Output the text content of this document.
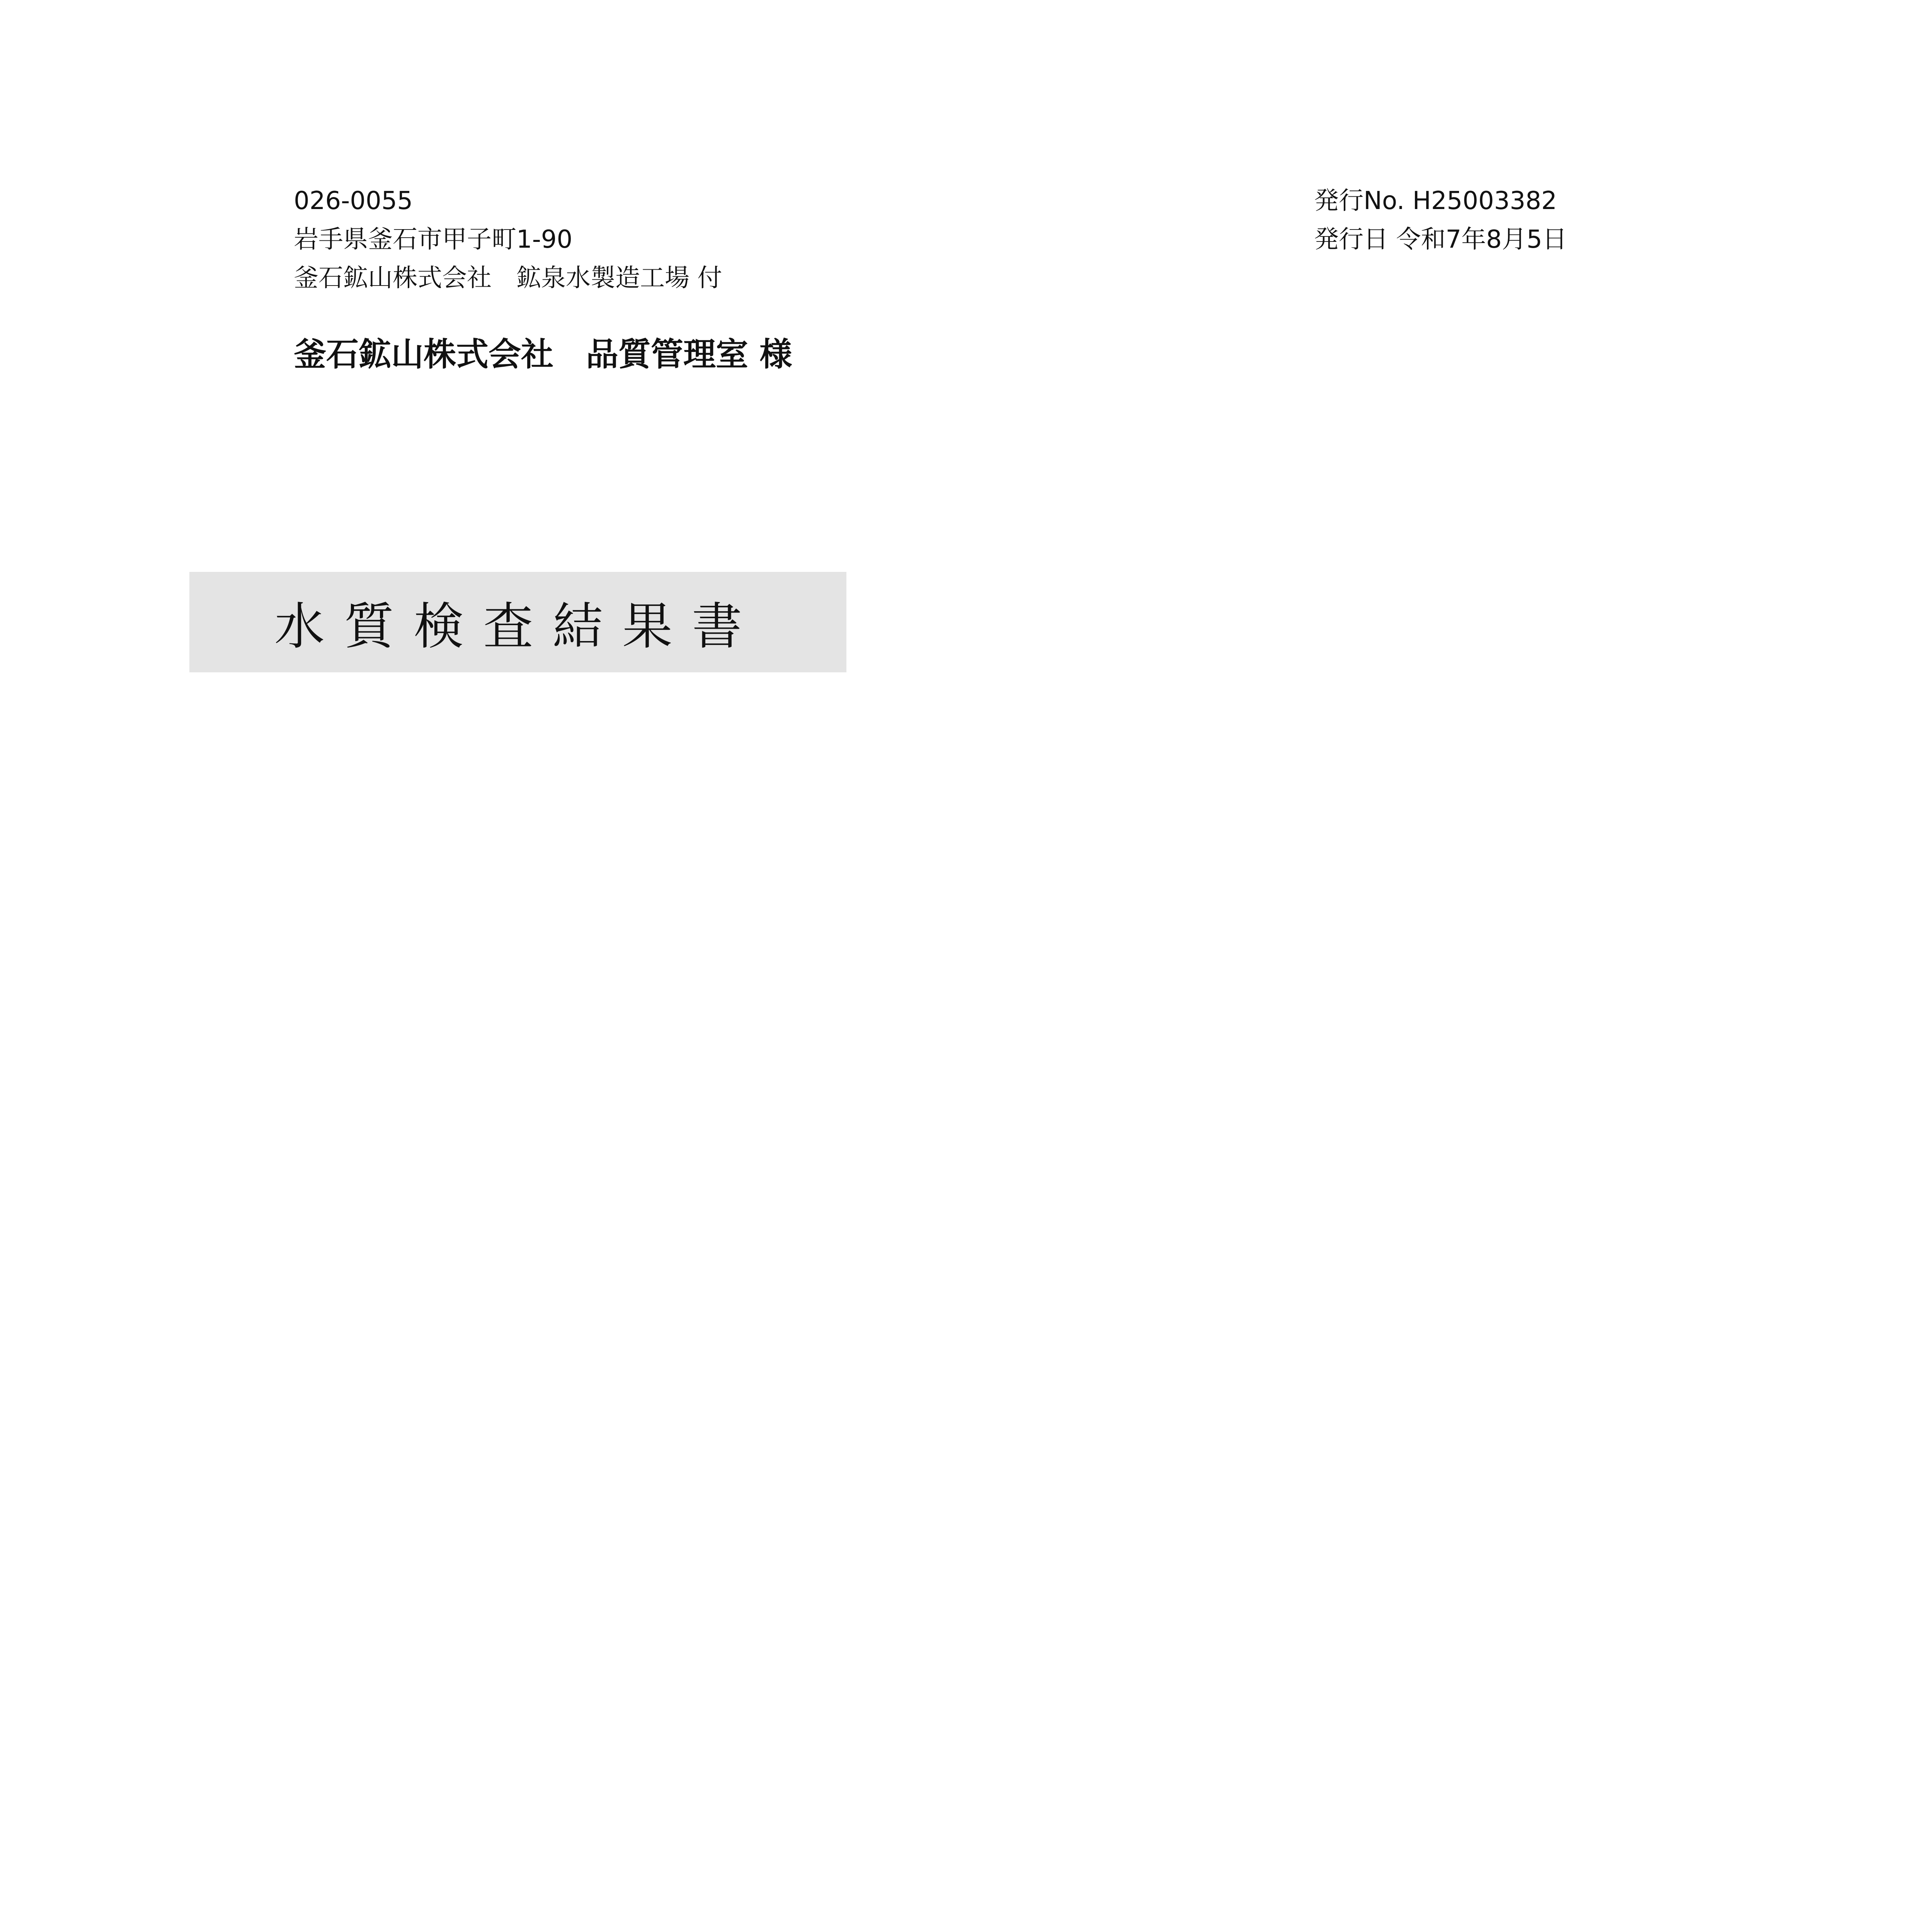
026-0055
岩手県釜石市甲子町1-90
釜石鉱山株式会社　鉱泉水製造工場 付
発行No. H25003382
発行日 令和7年8月5日
釜石鉱山株式会社　品質管理室 様
水質検査結果書
